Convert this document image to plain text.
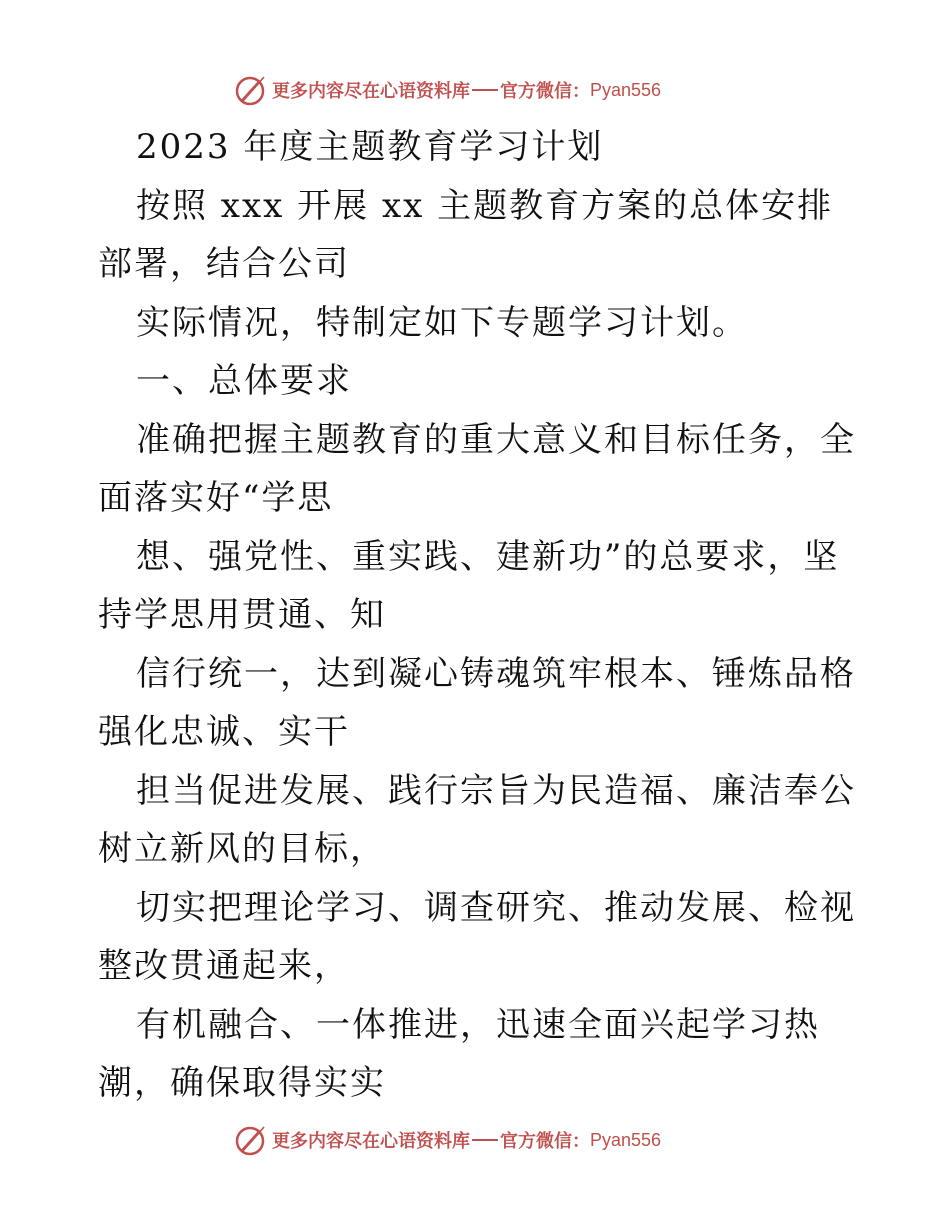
更多内容尽在心语资料库 官方微信： Pyan556

2023 年度主题教育学习计划

按照 xxx 开展 xx 主题教育方案的总体安排部署，结合公司

实际情况，特制定如下专题学习计划。

一、总体要求

准确把握主题教育的重大意义和目标任务，全面落实好“学思

想、强党性、重实践、建新功”的总要求，坚持学思用贯通、知

信行统一，达到凝心铸魂筑牢根本、锤炼品格强化忠诚、实干

担当促进发展、践行宗旨为民造福、廉洁奉公树立新风的目标，

切实把理论学习、调查研究、推动发展、检视整改贯通起来，

有机融合、一体推进，迅速全面兴起学习热潮，确保取得实实

更多内容尽在心语资料库 官方微信： Pyan556
